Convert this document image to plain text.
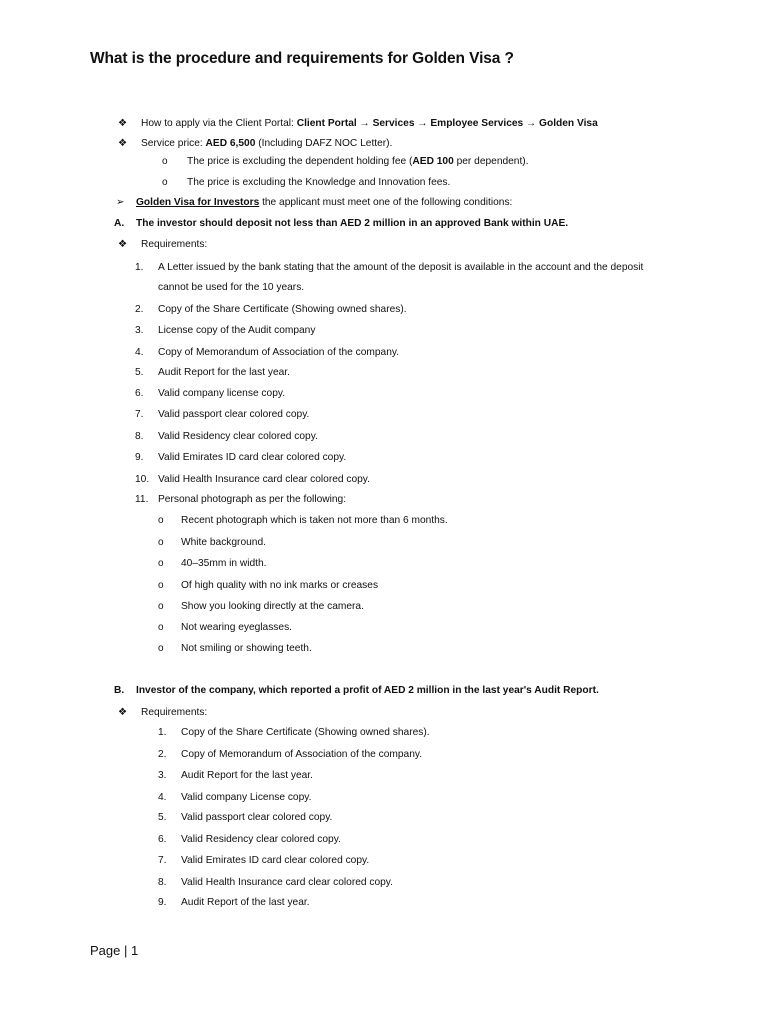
What is the procedure and requirements for Golden Visa ?
❖ How to apply via the Client Portal: Client Portal → Services → Employee Services → Golden Visa
❖ Service price: AED 6,500 (Including DAFZ NOC Letter).
o The price is excluding the dependent holding fee (AED 100 per dependent).
o The price is excluding the Knowledge and Innovation fees.
➢ Golden Visa for Investors the applicant must meet one of the following conditions:
A. The investor should deposit not less than AED 2 million in an approved Bank within UAE.
❖ Requirements:
1. A Letter issued by the bank stating that the amount of the deposit is available in the account and the deposit
cannot be used for the 10 years.
2. Copy of the Share Certificate (Showing owned shares).
3. License copy of the Audit company
4. Copy of Memorandum of Association of the company.
5. Audit Report for the last year.
6. Valid company license copy.
7. Valid passport clear colored copy.
8. Valid Residency clear colored copy.
9. Valid Emirates ID card clear colored copy.
10. Valid Health Insurance card clear colored copy.
11. Personal photograph as per the following:
o Recent photograph which is taken not more than 6 months.
o White background.
o 40–35mm in width.
o Of high quality with no ink marks or creases
o Show you looking directly at the camera.
o Not wearing eyeglasses.
o Not smiling or showing teeth.
B. Investor of the company, which reported a profit of AED 2 million in the last year's Audit Report.
❖ Requirements:
1. Copy of the Share Certificate (Showing owned shares).
2. Copy of Memorandum of Association of the company.
3. Audit Report for the last year.
4. Valid company License copy.
5. Valid passport clear colored copy.
6. Valid Residency clear colored copy.
7. Valid Emirates ID card clear colored copy.
8. Valid Health Insurance card clear colored copy.
9. Audit Report of the last year.
Page | 1
